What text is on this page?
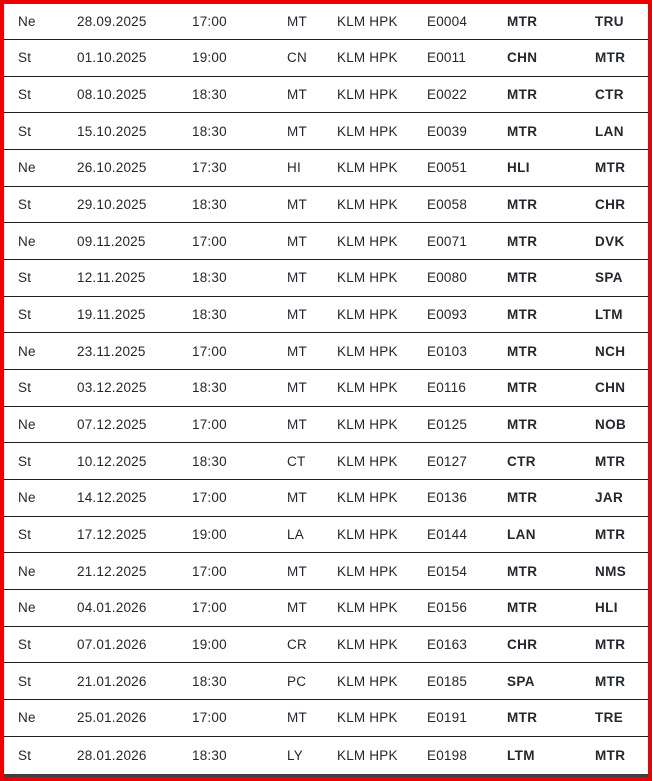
Ne	28.09.2025	17:00	MT	KLM HPK	E0004	MTR	TRU
St	01.10.2025	19:00	CN	KLM HPK	E0011	CHN	MTR
St	08.10.2025	18:30	MT	KLM HPK	E0022	MTR	CTR
St	15.10.2025	18:30	MT	KLM HPK	E0039	MTR	LAN
Ne	26.10.2025	17:30	HI	KLM HPK	E0051	HLI	MTR
St	29.10.2025	18:30	MT	KLM HPK	E0058	MTR	CHR
Ne	09.11.2025	17:00	MT	KLM HPK	E0071	MTR	DVK
St	12.11.2025	18:30	MT	KLM HPK	E0080	MTR	SPA
St	19.11.2025	18:30	MT	KLM HPK	E0093	MTR	LTM
Ne	23.11.2025	17:00	MT	KLM HPK	E0103	MTR	NCH
St	03.12.2025	18:30	MT	KLM HPK	E0116	MTR	CHN
Ne	07.12.2025	17:00	MT	KLM HPK	E0125	MTR	NOB
St	10.12.2025	18:30	CT	KLM HPK	E0127	CTR	MTR
Ne	14.12.2025	17:00	MT	KLM HPK	E0136	MTR	JAR
St	17.12.2025	19:00	LA	KLM HPK	E0144	LAN	MTR
Ne	21.12.2025	17:00	MT	KLM HPK	E0154	MTR	NMS
Ne	04.01.2026	17:00	MT	KLM HPK	E0156	MTR	HLI
St	07.01.2026	19:00	CR	KLM HPK	E0163	CHR	MTR
St	21.01.2026	18:30	PC	KLM HPK	E0185	SPA	MTR
Ne	25.01.2026	17:00	MT	KLM HPK	E0191	MTR	TRE
St	28.01.2026	18:30	LY	KLM HPK	E0198	LTM	MTR
